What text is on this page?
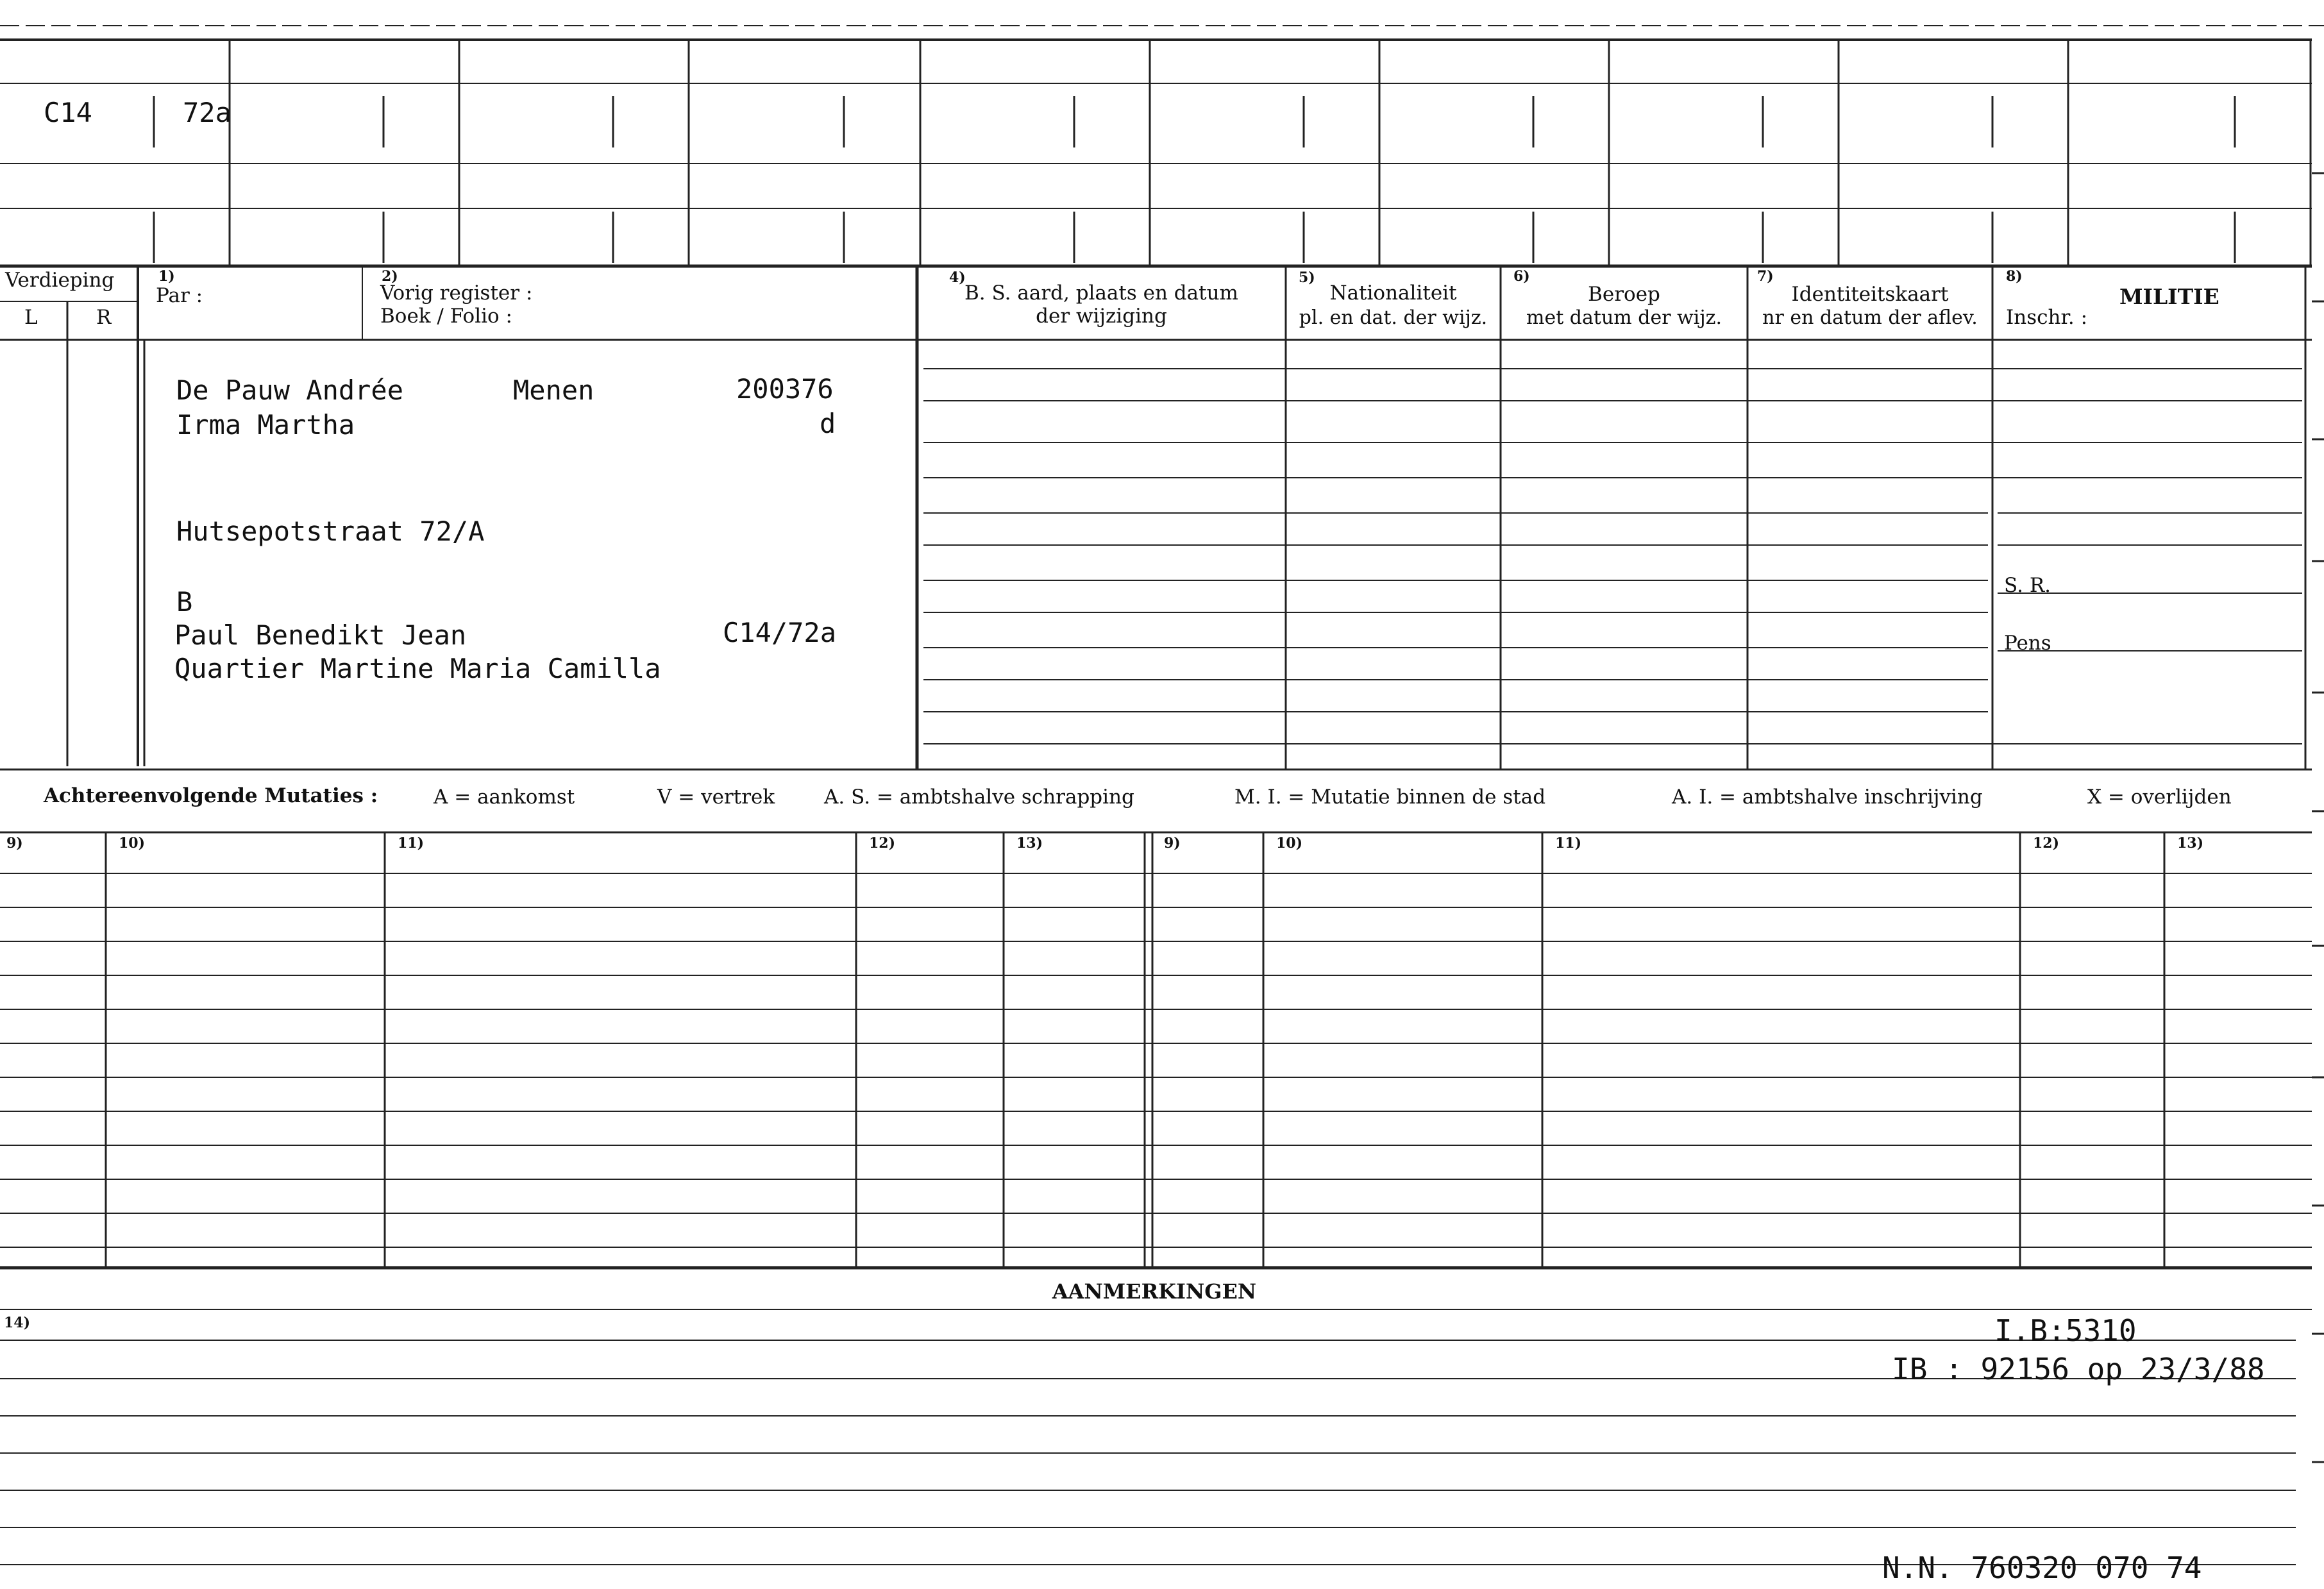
C14	72a
Verdieping
L	R
1)
Par :
2)
Vorig register :
Boek / Folio :
4)
B. S. aard, plaats en datum
der wijziging
5)
Nationaliteit
pl. en dat. der wijz.
6)
Beroep
met datum der wijz.
7)
Identiteitskaart
nr en datum der aflev.
8)
MILITIE
Inschr. :
S. R.
Pens
De Pauw Andrée	Menen	200376
Irma Martha	d
Hutsepotstraat 72/A
B
Paul Benedikt Jean	C14/72a
Quartier Martine Maria Camilla
Achtereenvolgende Mutaties :	A = aankomst	V = vertrek A. S. = ambtshalve schrapping	M. I. = Mutatie binnen de stad	A. I. = ambtshalve inschrijving	X = overlijden
9)	10)	11)	12)	13)	9)	10)	11)	12)	13)
AANMERKINGEN
14)	I.B:5310
IB : 92156 op 23/3/88
N.N. 760320 070 74
